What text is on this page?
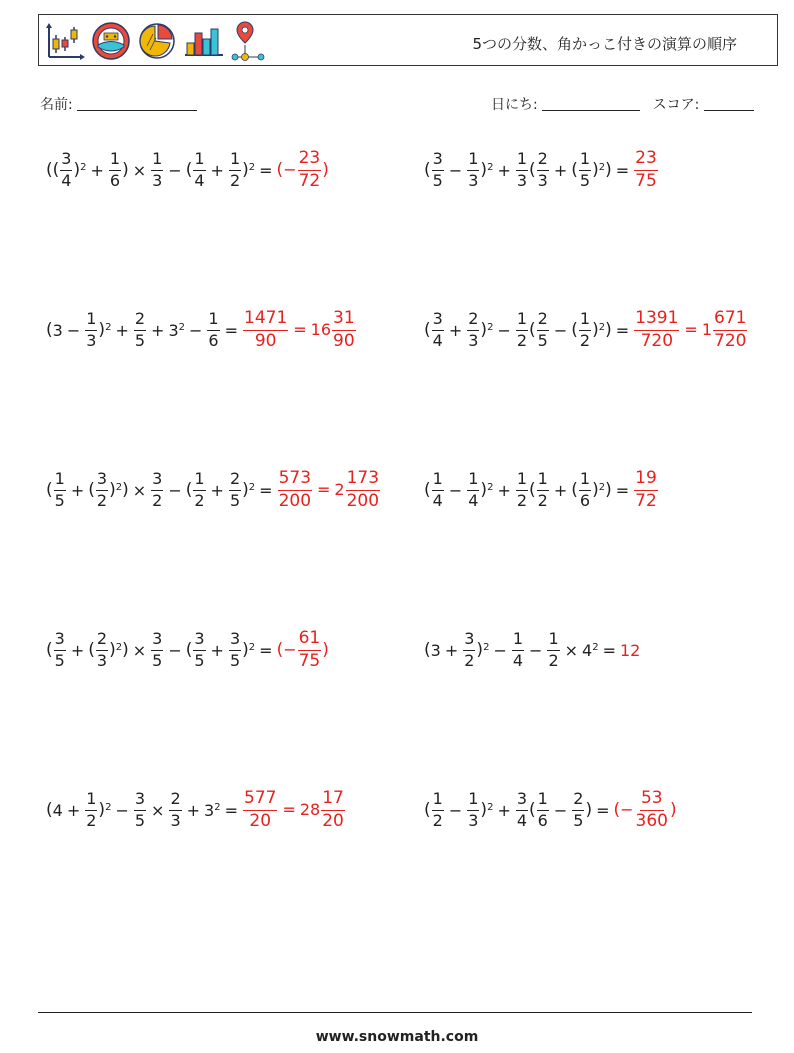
5つの分数、角かっこ付きの演算の順序
名前:	日にち:	スコア:
(( $\frac{3}{4} )^2 + \frac{1}{6}$ ) × $\frac{1}{3}$ − ( $\frac{1}{4} + \frac{1}{2} )^2$ = (− $\frac{23}{72}$ )	( $\frac{3}{5} - \frac{1}{3} )^2 + \frac{1}{3}$ ( $\frac{2}{3}$ + ( $\frac{1}{5} )^2$ ) = $\frac{23}{75}$
( $3 - \frac{1}{3} )^2 + \frac{2}{5} + 3^2 - \frac{1}{6} = \frac{1471}{90} = 16 \frac{31}{90}$	( $\frac{3}{4} + \frac{2}{3} )^2 - \frac{1}{2}$ ( $\frac{2}{5}$ − ( $\frac{1}{2} )^2$ ) = $\frac{1391}{720} = 1 \frac{671}{720}$
( $\frac{1}{5}$ + ( $\frac{3}{2} )^2$ ) × $\frac{3}{2}$ − ( $\frac{1}{2} + \frac{2}{5} )^2 = \frac{573}{200} = 2 \frac{173}{200}$	( $\frac{1}{4} - \frac{1}{4} )^2 + \frac{1}{2}$ ( $\frac{1}{2}$ + ( $\frac{1}{6} )^2$ ) = $\frac{19}{72}$
( $\frac{3}{5}$ + ( $\frac{2}{3} )^2$ ) × $\frac{3}{5}$ − ( $\frac{3}{5} + \frac{3}{5} )^2$ = (− $\frac{61}{75}$ )	( $3 + \frac{3}{2} )^2 - \frac{1}{4} - \frac{1}{2} \times 4^2 = 12$
( $4 + \frac{1}{2} )^2 - \frac{3}{5} \times \frac{2}{3} + 3^2 = \frac{577}{20} = 28 \frac{17}{20}$	( $\frac{1}{2} - \frac{1}{3} )^2 + \frac{3}{4}$ ( $\frac{1}{6} - \frac{2}{5}$ ) = (− $\frac{53}{360}$ )
www.snowmath.com
